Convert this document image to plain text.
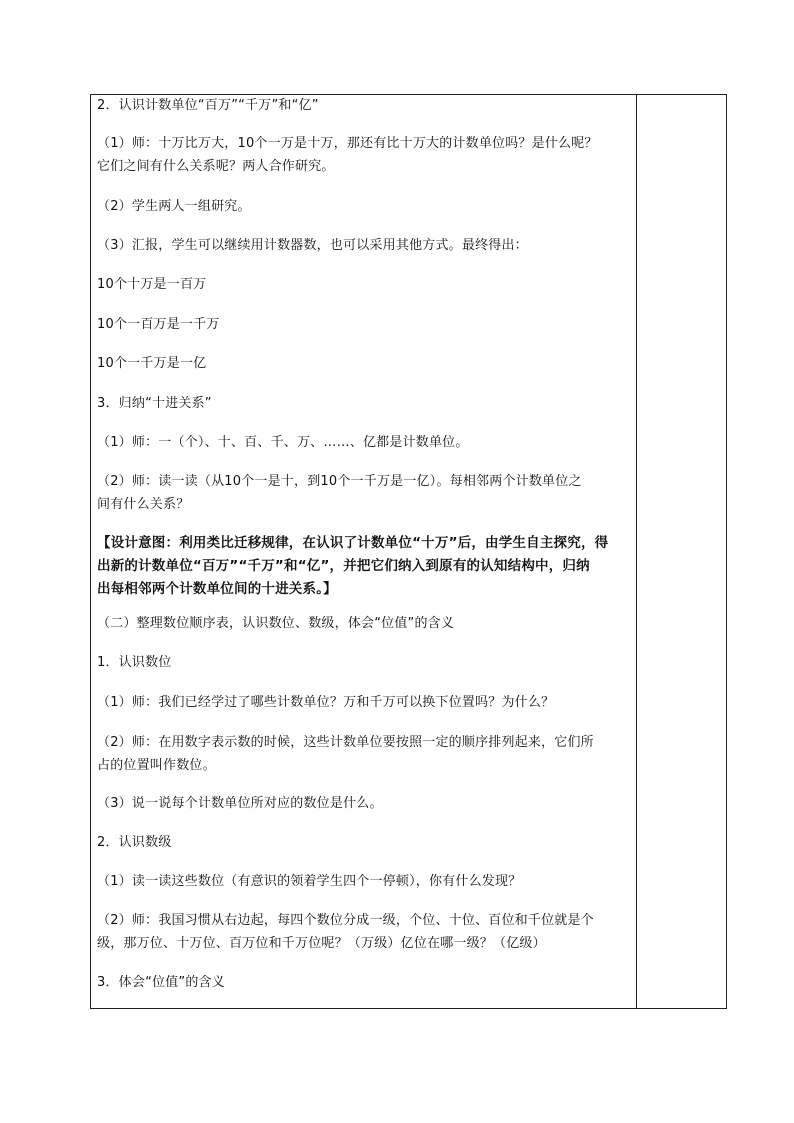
2．认识计数单位“百万”“千万”和“亿”
（1）师：十万比万大，10个一万是十万，那还有比十万大的计数单位吗？是什么呢？
它们之间有什么关系呢？两人合作研究。
（2）学生两人一组研究。
（3）汇报，学生可以继续用计数器数，也可以采用其他方式。最终得出：
10个十万是一百万
10个一百万是一千万
10个一千万是一亿
3．归纳“十进关系”
（1）师：一（个）、十、百、千、万、……、亿都是计数单位。
（2）师：读一读（从10个一是十，到10个一千万是一亿）。每相邻两个计数单位之
间有什么关系？
【设计意图：利用类比迁移规律，在认识了计数单位“十万”后，由学生自主探究，得
出新的计数单位“百万”“千万”和“亿”，并把它们纳入到原有的认知结构中，归纳
出每相邻两个计数单位间的十进关系。】
（二）整理数位顺序表，认识数位、数级，体会“位值”的含义
1．认识数位
（1）师：我们已经学过了哪些计数单位？万和千万可以换下位置吗？为什么？
（2）师：在用数字表示数的时候，这些计数单位要按照一定的顺序排列起来，它们所
占的位置叫作数位。
（3）说一说每个计数单位所对应的数位是什么。
2．认识数级
（1）读一读这些数位（有意识的领着学生四个一停顿），你有什么发现？
（2）师：我国习惯从右边起，每四个数位分成一级，个位、十位、百位和千位就是个
级，那万位、十万位、百万位和千万位呢？（万级）亿位在哪一级？（亿级）
3．体会“位值”的含义
